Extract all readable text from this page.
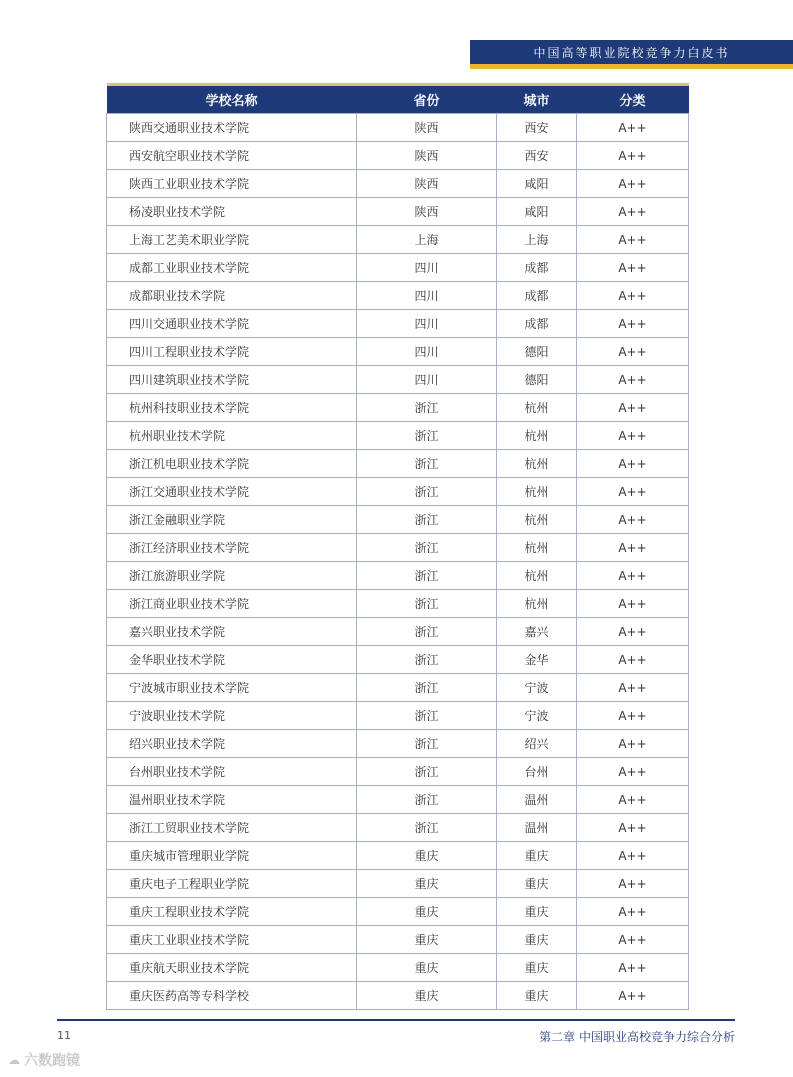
中国高等职业院校竞争力白皮书
学校名称	省份	城市	分类
陕西交通职业技术学院	陕西	西安	A++
西安航空职业技术学院	陕西	西安	A++
陕西工业职业技术学院	陕西	咸阳	A++
杨凌职业技术学院	陕西	咸阳	A++
上海工艺美术职业学院	上海	上海	A++
成都工业职业技术学院	四川	成都	A++
成都职业技术学院	四川	成都	A++
四川交通职业技术学院	四川	成都	A++
四川工程职业技术学院	四川	德阳	A++
四川建筑职业技术学院	四川	德阳	A++
杭州科技职业技术学院	浙江	杭州	A++
杭州职业技术学院	浙江	杭州	A++
浙江机电职业技术学院	浙江	杭州	A++
浙江交通职业技术学院	浙江	杭州	A++
浙江金融职业学院	浙江	杭州	A++
浙江经济职业技术学院	浙江	杭州	A++
浙江旅游职业学院	浙江	杭州	A++
浙江商业职业技术学院	浙江	杭州	A++
嘉兴职业技术学院	浙江	嘉兴	A++
金华职业技术学院	浙江	金华	A++
宁波城市职业技术学院	浙江	宁波	A++
宁波职业技术学院	浙江	宁波	A++
绍兴职业技术学院	浙江	绍兴	A++
台州职业技术学院	浙江	台州	A++
温州职业技术学院	浙江	温州	A++
浙江工贸职业技术学院	浙江	温州	A++
重庆城市管理职业学院	重庆	重庆	A++
重庆电子工程职业学院	重庆	重庆	A++
重庆工程职业技术学院	重庆	重庆	A++
重庆工业职业技术学院	重庆	重庆	A++
重庆航天职业技术学院	重庆	重庆	A++
重庆医药高等专科学校	重庆	重庆	A++
11	第二章 中国职业高校竞争力综合分析
☁ 六数跑镜
